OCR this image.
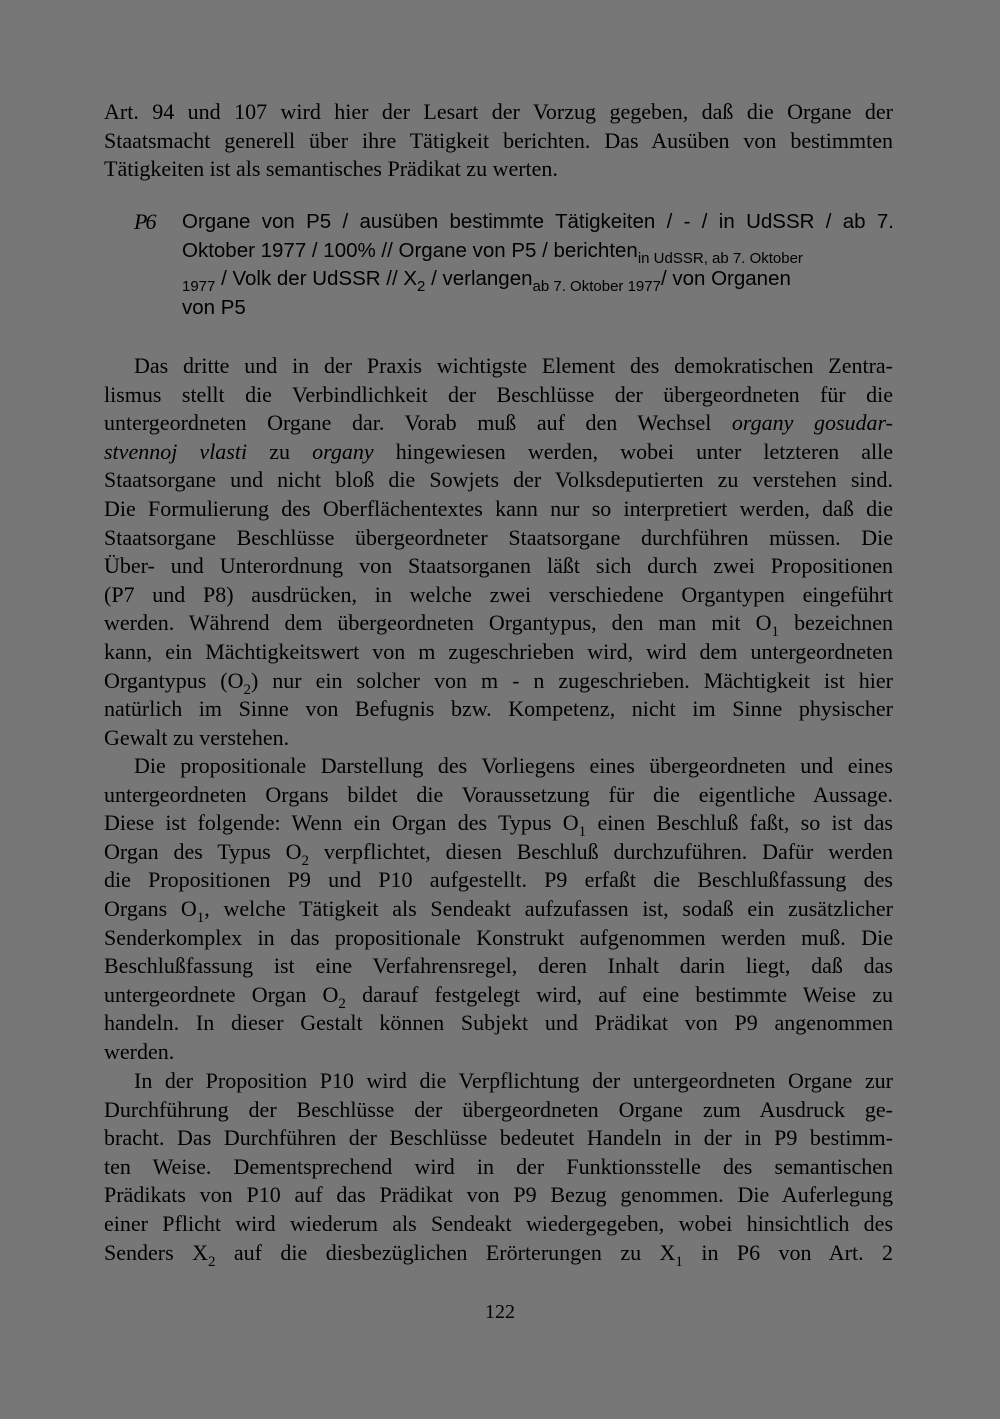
Art. 94 und 107 wird hier der Lesart der Vorzug gegeben, daß die Organe der
Staatsmacht generell über ihre Tätigkeit berichten. Das Ausüben von bestimmten
Tätigkeiten ist als semantisches Prädikat zu werten.
P6 Organe von P5 / ausüben bestimmte Tätigkeiten / - / in UdSSR / ab 7.
Oktober 1977 / 100% // Organe von P5 / berichten$_{in UdSSR, ab 7. Oktober}$
$_{1977}$ / Volk der UdSSR // $X_2$ / verlangen$_{ab 7. Oktober 1977}$/ von Organen
von P5
Das dritte und in der Praxis wichtigste Element des demokratischen Zentra-
lismus stellt die Verbindlichkeit der Beschlüsse der übergeordneten für die
untergeordneten Organe dar. Vorab muß auf den Wechsel organy gosudar-
stvennoj vlasti zu organy hingewiesen werden, wobei unter letzteren alle
Staatsorgane und nicht bloß die Sowjets der Volksdeputierten zu verstehen sind.
Die Formulierung des Oberflächentextes kann nur so interpretiert werden, daß die
Staatsorgane Beschlüsse übergeordneter Staatsorgane durchführen müssen. Die
Über- und Unterordnung von Staatsorganen läßt sich durch zwei Propositionen
(P7 und P8) ausdrücken, in welche zwei verschiedene Organtypen eingeführt
werden. Während dem übergeordneten Organtypus, den man mit $O_1$ bezeichnen
kann, ein Mächtigkeitswert von m zugeschrieben wird, wird dem untergeordneten
Organtypus $(O_2)$ nur ein solcher von m - n zugeschrieben. Mächtigkeit ist hier
natürlich im Sinne von Befugnis bzw. Kompetenz, nicht im Sinne physischer
Gewalt zu verstehen.
Die propositionale Darstellung des Vorliegens eines übergeordneten und eines
untergeordneten Organs bildet die Voraussetzung für die eigentliche Aussage.
Diese ist folgende: Wenn ein Organ des Typus $O_1$ einen Beschluß faßt, so ist das
Organ des Typus $O_2$ verpflichtet, diesen Beschluß durchzuführen. Dafür werden
die Propositionen P9 und P10 aufgestellt. P9 erfaßt die Beschlußfassung des
Organs $O_1$, welche Tätigkeit als Sendeakt aufzufassen ist, sodaß ein zusätzlicher
Senderkomplex in das propositionale Konstrukt aufgenommen werden muß. Die
Beschlußfassung ist eine Verfahrensregel, deren Inhalt darin liegt, daß das
untergeordnete Organ $O_2$ darauf festgelegt wird, auf eine bestimmte Weise zu
handeln. In dieser Gestalt können Subjekt und Prädikat von P9 angenommen
werden.
In der Proposition P10 wird die Verpflichtung der untergeordneten Organe zur
Durchführung der Beschlüsse der übergeordneten Organe zum Ausdruck ge-
bracht. Das Durchführen der Beschlüsse bedeutet Handeln in der in P9 bestimm-
ten Weise. Dementsprechend wird in der Funktionsstelle des semantischen
Prädikats von P10 auf das Prädikat von P9 Bezug genommen. Die Auferlegung
einer Pflicht wird wiederum als Sendeakt wiedergegeben, wobei hinsichtlich des
Senders $X_2$ auf die diesbezüglichen Erörterungen zu $X_1$ in P6 von Art. 2
122
